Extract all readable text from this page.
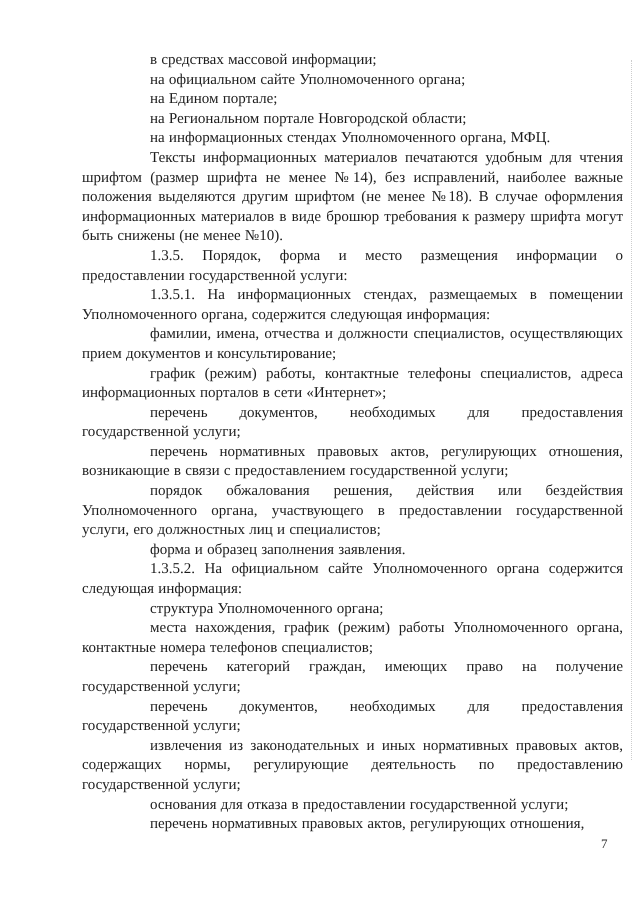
в средствах массовой информации;

на официальном сайте Уполномоченного органа;

на Едином портале;

на Региональном портале Новгородской области;

на информационных стендах Уполномоченного органа, МФЦ.

Тексты информационных материалов печатаются удобным для чтения шрифтом (размер шрифта не менее №14), без исправлений, наиболее важные положения выделяются другим шрифтом (не менее №18). В случае оформления информационных материалов в виде брошюр требования к размеру шрифта могут быть снижены (не менее №10).

1.3.5. Порядок, форма и место размещения информации о предоставлении государственной услуги:

1.3.5.1. На информационных стендах, размещаемых в помещении Уполномоченного органа, содержится следующая информация:

фамилии, имена, отчества и должности специалистов, осуществляющих прием документов и консультирование;

график (режим) работы, контактные телефоны специалистов, адреса информационных порталов в сети «Интернет»;

перечень документов, необходимых для предоставления государственной услуги;

перечень нормативных правовых актов, регулирующих отношения, возникающие в связи с предоставлением государственной услуги;

порядок обжалования решения, действия или бездействия Уполномоченного органа, участвующего в предоставлении государственной услуги, его должностных лиц и специалистов;

форма и образец заполнения заявления.

1.3.5.2. На официальном сайте Уполномоченного органа содержится следующая информация:

структура Уполномоченного органа;

места нахождения, график (режим) работы Уполномоченного органа, контактные номера телефонов специалистов;

перечень категорий граждан, имеющих право на получение государственной услуги;

перечень документов, необходимых для предоставления государственной услуги;

извлечения из законодательных и иных нормативных правовых актов, содержащих нормы, регулирующие деятельность по предоставлению государственной услуги;

основания для отказа в предоставлении государственной услуги;

перечень нормативных правовых актов, регулирующих отношения,

7
